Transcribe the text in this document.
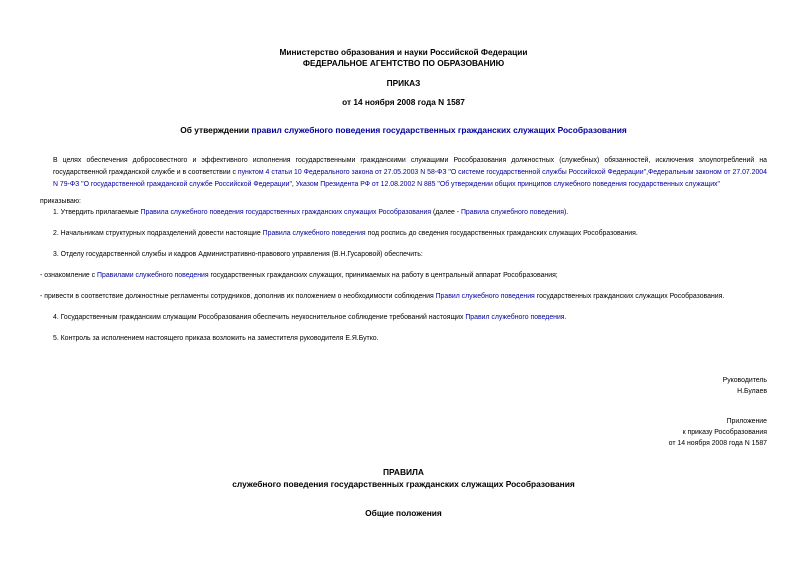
Министерство образования и науки Российской Федерации
ФЕДЕРАЛЬНОЕ АГЕНТСТВО ПО ОБРАЗОВАНИЮ
ПРИКАЗ
от 14 ноября 2008 года N 1587
Об утверждении правил служебного поведения государственных гражданских служащих Рособразования
В целях обеспечения добросовестного и эффективного исполнения государственными гражданскими служащими Рособразования должностных (служебных) обязанностей, исключения злоупотреблений на государственной гражданской службе и в соответствии с пунктом 4 статьи 10 Федерального закона от 27.05.2003 N 58-ФЗ "О системе государственной службы Российской Федерации",Федеральным законом от 27.07.2004 N 79-ФЗ "О государственной гражданской службе Российской Федерации", Указом Президента РФ от 12.08.2002 N 885 "Об утверждении общих принципов служебного поведения государственных служащих"
приказываю:
1. Утвердить прилагаемые Правила служебного поведения государственных гражданских служащих Рособразования (далее - Правила служебного поведения).
2. Начальникам структурных подразделений довести настоящие Правила служебного поведения под роспись до сведения государственных гражданских служащих Рособразования.
3. Отделу государственной службы и кадров Административно-правового управления (В.Н.Гусаровой) обеспечить:
- ознакомление с Правилами служебного поведения государственных гражданских служащих, принимаемых на работу в центральный аппарат Рособразования;
- привести в соответствие должностные регламенты сотрудников, дополнив их положением о необходимости соблюдения Правил служебного поведения государственных гражданских служащих Рособразования.
4. Государственным гражданским служащим Рособразования обеспечить неукоснительное соблюдение требований настоящих Правил служебного поведения.
5. Контроль за исполнением настоящего приказа возложить на заместителя руководителя Е.Я.Бутко.
Руководитель
Н.Булаев
Приложение
к приказу Рособразования
от 14 ноября 2008 года N 1587
ПРАВИЛА
служебного поведения государственных гражданских служащих Рособразования
Общие положения
